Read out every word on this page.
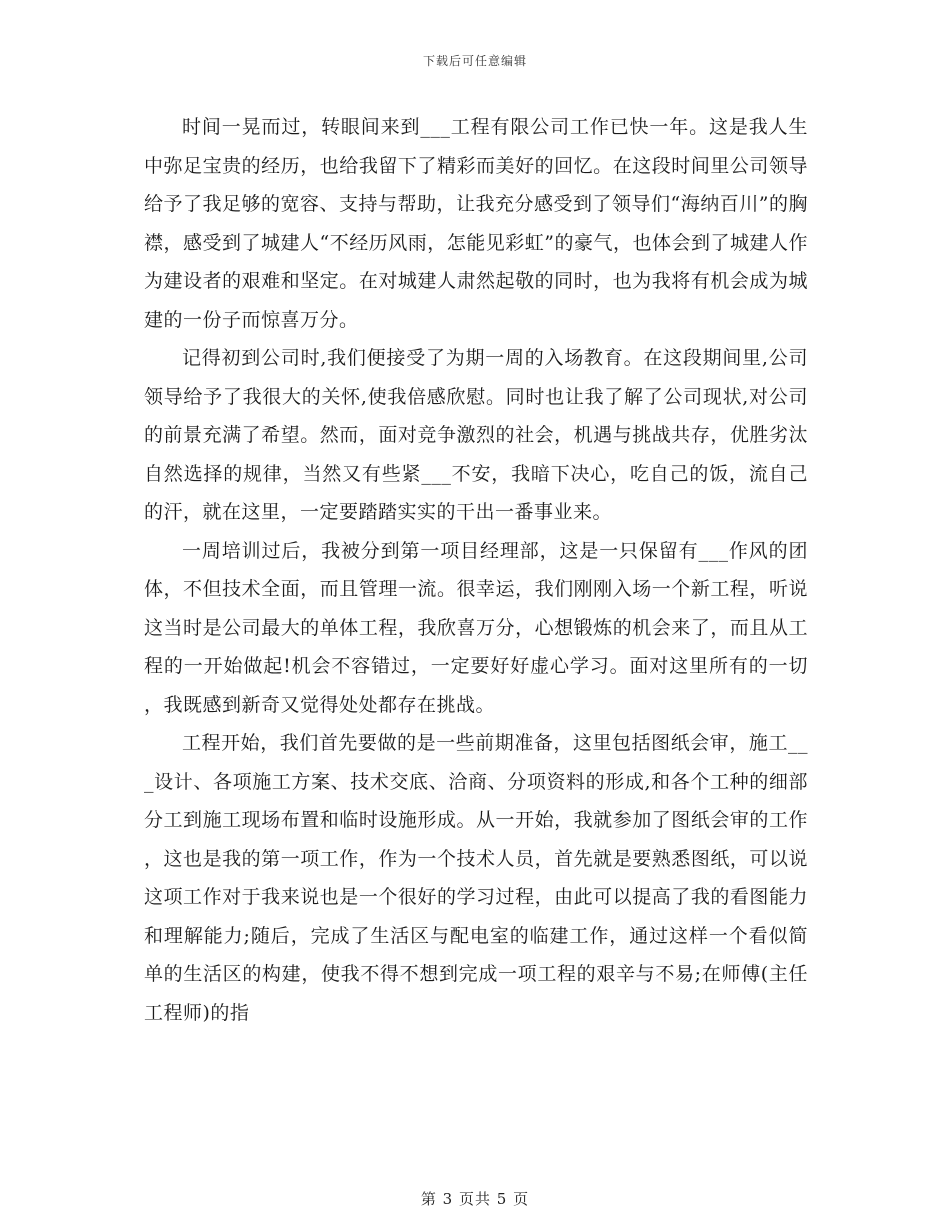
下载后可任意编辑

时间一晃而过，转眼间来到___工程有限公司工作已快一年。这是我人生中弥足宝贵的经历，也给我留下了精彩而美好的回忆。在这段时间里公司领导给予了我足够的宽容、支持与帮助，让我充分感受到了领导们“海纳百川”的胸襟，感受到了城建人“不经历风雨，怎能见彩虹”的豪气，也体会到了城建人作为建设者的艰难和坚定。在对城建人肃然起敬的同时，也为我将有机会成为城建的一份子而惊喜万分。

记得初到公司时,我们便接受了为期一周的入场教育。在这段期间里,公司领导给予了我很大的关怀,使我倍感欣慰。同时也让我了解了公司现状,对公司的前景充满了希望。然而，面对竞争激烈的社会，机遇与挑战共存，优胜劣汰自然选择的规律，当然又有些紧___不安，我暗下决心，吃自己的饭，流自己的汗，就在这里，一定要踏踏实实的干出一番事业来。

一周培训过后，我被分到第一项目经理部，这是一只保留有___作风的团体，不但技术全面，而且管理一流。很幸运，我们刚刚入场一个新工程，听说这当时是公司最大的单体工程，我欣喜万分，心想锻炼的机会来了，而且从工程的一开始做起!机会不容错过，一定要好好虚心学习。面对这里所有的一切，我既感到新奇又觉得处处都存在挑战。

工程开始，我们首先要做的是一些前期准备，这里包括图纸会审，施工___设计、各项施工方案、技术交底、洽商、分项资料的形成,和各个工种的细部分工到施工现场布置和临时设施形成。从一开始，我就参加了图纸会审的工作，这也是我的第一项工作，作为一个技术人员，首先就是要熟悉图纸，可以说这项工作对于我来说也是一个很好的学习过程，由此可以提高了我的看图能力和理解能力;随后，完成了生活区与配电室的临建工作，通过这样一个看似简单的生活区的构建，使我不得不想到完成一项工程的艰辛与不易;在师傅(主任工程师)的指

第 3 页共 5 页
